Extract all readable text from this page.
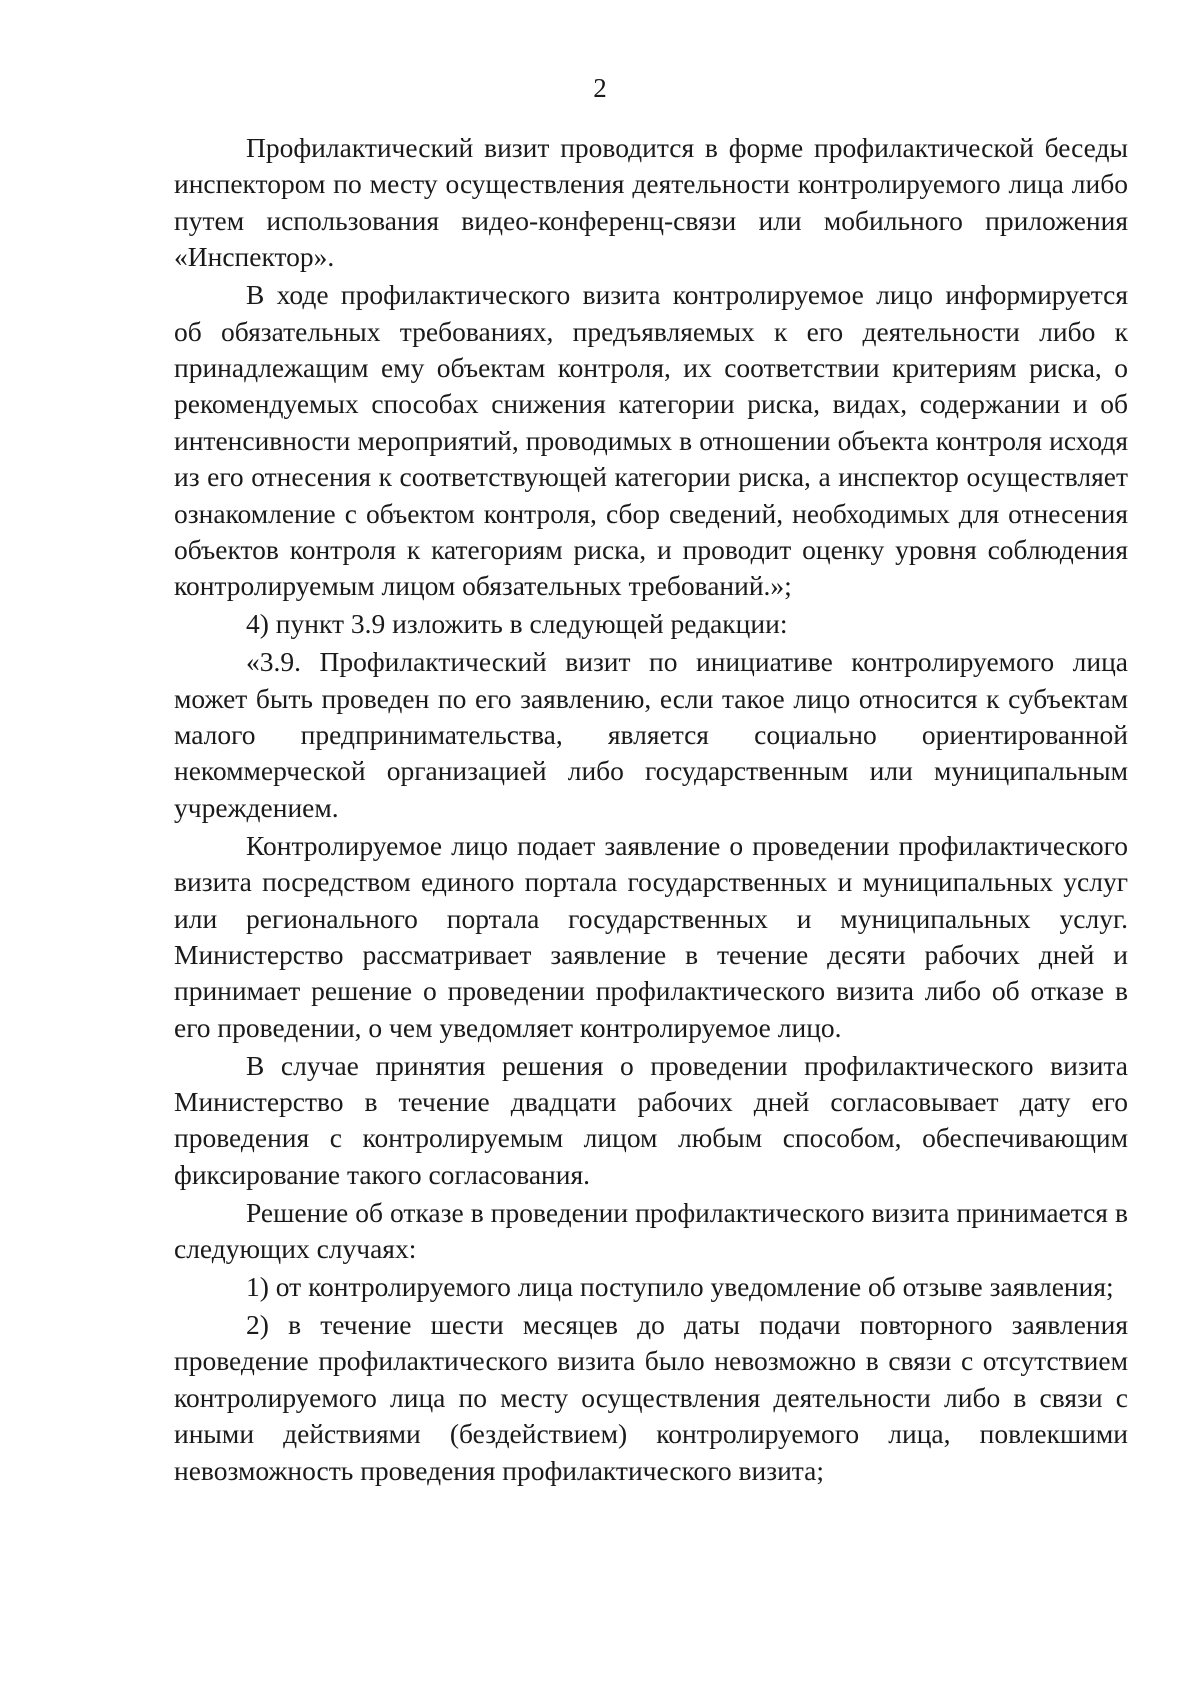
2

Профилактический визит проводится в форме профилактической беседы инспектором по месту осуществления деятельности контролируемого лица либо путем использования видео-конференц-связи или мобильного приложения «Инспектор».

В ходе профилактического визита контролируемое лицо информируется об обязательных требованиях, предъявляемых к его деятельности либо к принадлежащим ему объектам контроля, их соответствии критериям риска, о рекомендуемых способах снижения категории риска, видах, содержании и об интенсивности мероприятий, проводимых в отношении объекта контроля исходя из его отнесения к соответствующей категории риска, а инспектор осуществляет ознакомление с объектом контроля, сбор сведений, необходимых для отнесения объектов контроля к категориям риска, и проводит оценку уровня соблюдения контролируемым лицом обязательных требований.»;

4) пункт 3.9 изложить в следующей редакции:

«3.9. Профилактический визит по инициативе контролируемого лица может быть проведен по его заявлению, если такое лицо относится к субъектам малого предпринимательства, является социально ориентированной некоммерческой организацией либо государственным или муниципальным учреждением.

Контролируемое лицо подает заявление о проведении профилактического визита посредством единого портала государственных и муниципальных услуг или регионального портала государственных и муниципальных услуг. Министерство рассматривает заявление в течение десяти рабочих дней и принимает решение о проведении профилактического визита либо об отказе в его проведении, о чем уведомляет контролируемое лицо.

В случае принятия решения о проведении профилактического визита Министерство в течение двадцати рабочих дней согласовывает дату его проведения с контролируемым лицом любым способом, обеспечивающим фиксирование такого согласования.

Решение об отказе в проведении профилактического визита принимается в следующих случаях:

1) от контролируемого лица поступило уведомление об отзыве заявления;

2) в течение шести месяцев до даты подачи повторного заявления проведение профилактического визита было невозможно в связи с отсутствием контролируемого лица по месту осуществления деятельности либо в связи с иными действиями (бездействием) контролируемого лица, повлекшими невозможность проведения профилактического визита;
